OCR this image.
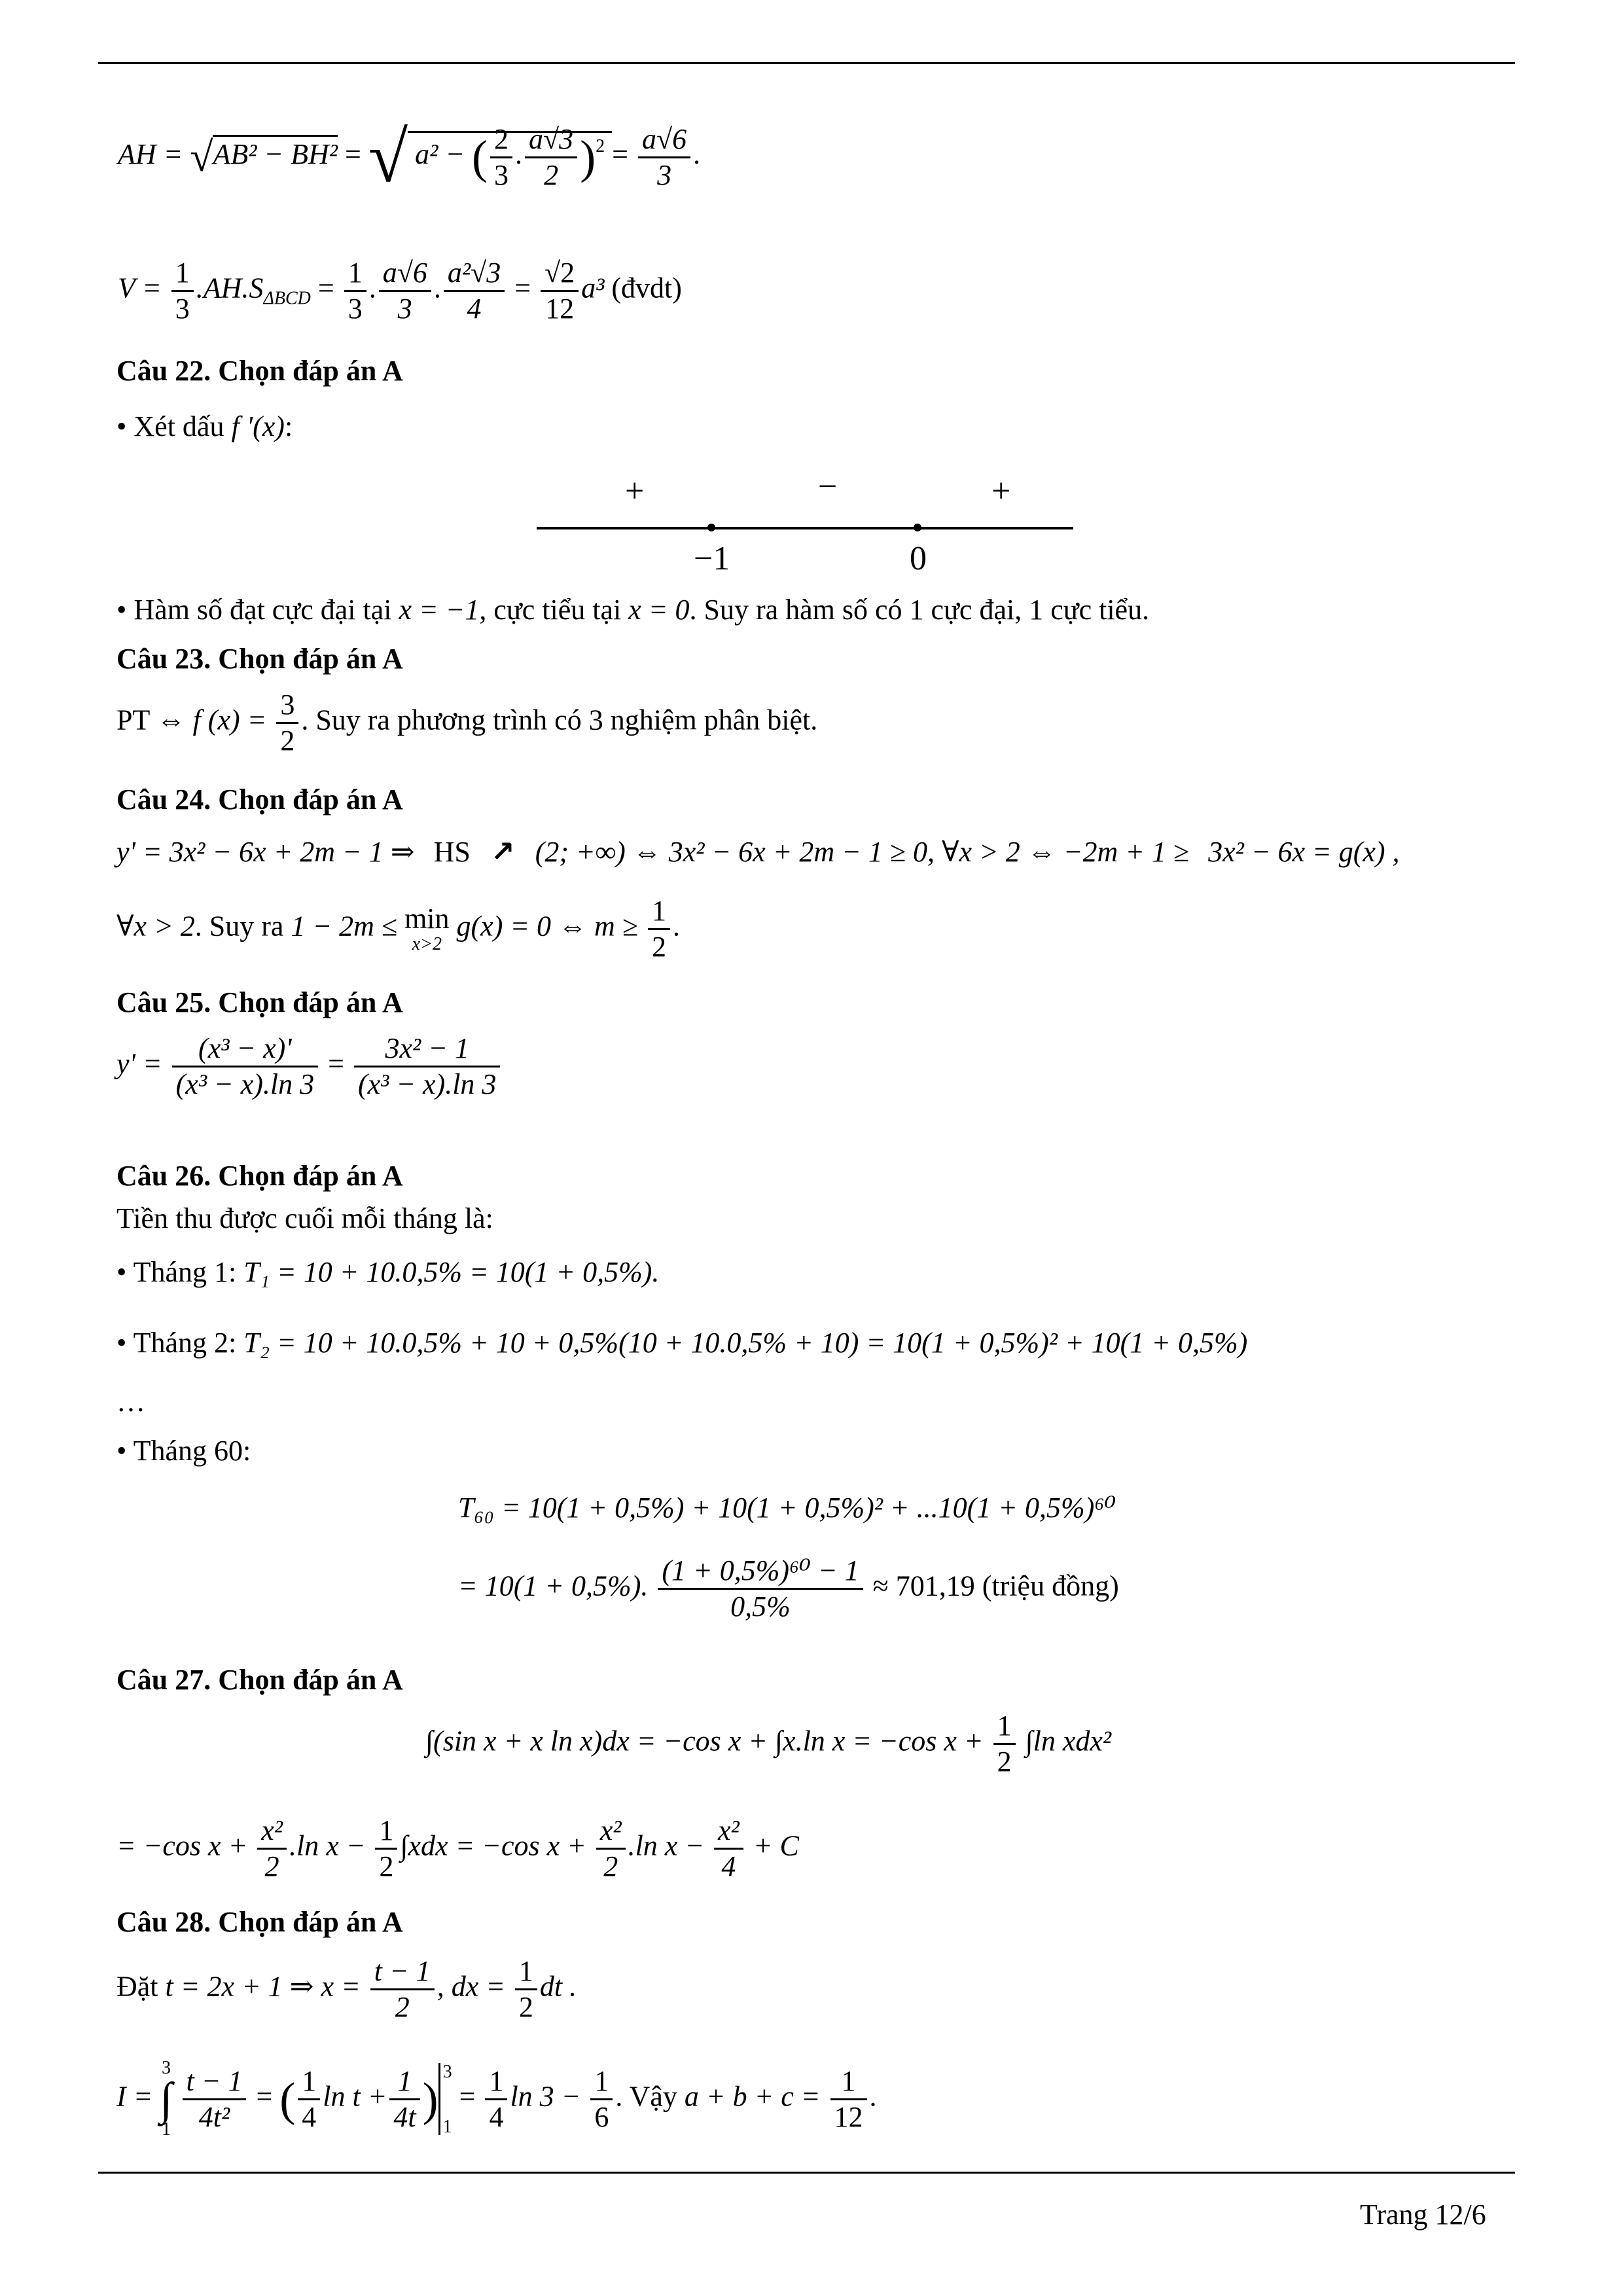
AH = √AB² − BH² = √ a² − ( $\frac{2}{3}$ . $\frac{a√3}{2} )^2 = \frac{a√6}{3}$ .
$V = \frac{1}{3} .AH.S_{\Delta BCD} = \frac{1}{3}$ . $\frac{a√6}{3}$ . $\frac{\text{a²√3}}{4} = \frac{√2}{12} a^3$ (đvdt)
Câu 22. Chọn đáp án A
• Xét dấu f '(x):
+	−	+
−1	0
• Hàm số đạt cực đại tại x = −1, cực tiểu tại x = 0. Suy ra hàm số có 1 cực đại, 1 cực tiểu.
Câu 23. Chọn đáp án A
PT ⇔ f $(x) = \frac{3}{2}$ . Suy ra phương trình có 3 nghiệm phân biệt.
Câu 24. Chọn đáp án A
y' = 3x² − 6x + 2m − 1 ⇒ HS ↗ (2; +∞) ⇔ 3x² − 6x + 2m − 1 ≥ 0, ∀x > 2 ⇔ −2m + 1 ≥ 3x² − 6x = g(x) ,
∀x > 2. Suy ra 1 − 2m ≤ min
x>2 g(x) = 0 ⇔ $m \ge \frac{1}{2}$ .
Câu 25. Chọn đáp án A
$y' = \frac{\text{(x³ − x)'}}{\text{(x³ − x).ln 3}} = \frac{\text{3x² − 1}}{\text{(x³ − x).ln 3}}$
Câu 26. Chọn đáp án A
Tiền thu được cuối mỗi tháng là:
• Tháng 1: T₁ = 10 + 10.0,5% = 10(1 + 0,5%).
• Tháng 2: T₂ = 10 + 10.0,5% + 10 + 0,5%(10 + 10.0,5% + 10) = 10(1 + 0,5%)² + 10(1 + 0,5%)
…
• Tháng 60:
T₆₀ = 10(1 + 0,5%) + 10(1 + 0,5%)² + ...10(1 + 0,5%)⁶⁰
= 10(1 + 0,5%). $\frac{\text{(1 + 0,5\%)⁶⁰ − 1}}{0,5\%} \approx 701,19$ (triệu đồng)
Câu 27. Chọn đáp án A
∫(sin x + x ln x)dx = −cos x + ∫x.ln x = −cos $x + \frac{1}{2} \int\ln$ xdx²
= −cos $x + \frac{\text{x²}}{2} .\ln$ $x - \frac{1}{2} \int xdx = -\cos$ $x + \frac{\text{x²}}{2} .\ln$ $x - \frac{\text{x²}}{4} + C$
Câu 28. Chọn đáp án A
Đặt t = 2x + 1 ⇒ $x = \frac{t - 1}{2}$ , dx = $\frac{1}{2}$ dt .
I = 3
∫
$1 \frac{t - 1}{\text{4t²}}$ = ( $\frac{1}{4}$ $\ln t + \frac{1}{4t} )3$

$1 = \frac{1}{4}$ $\ln 3 - \frac{1}{6}$ . Vậy $a + b + c = \frac{1}{12}$ .
Trang 12/6
